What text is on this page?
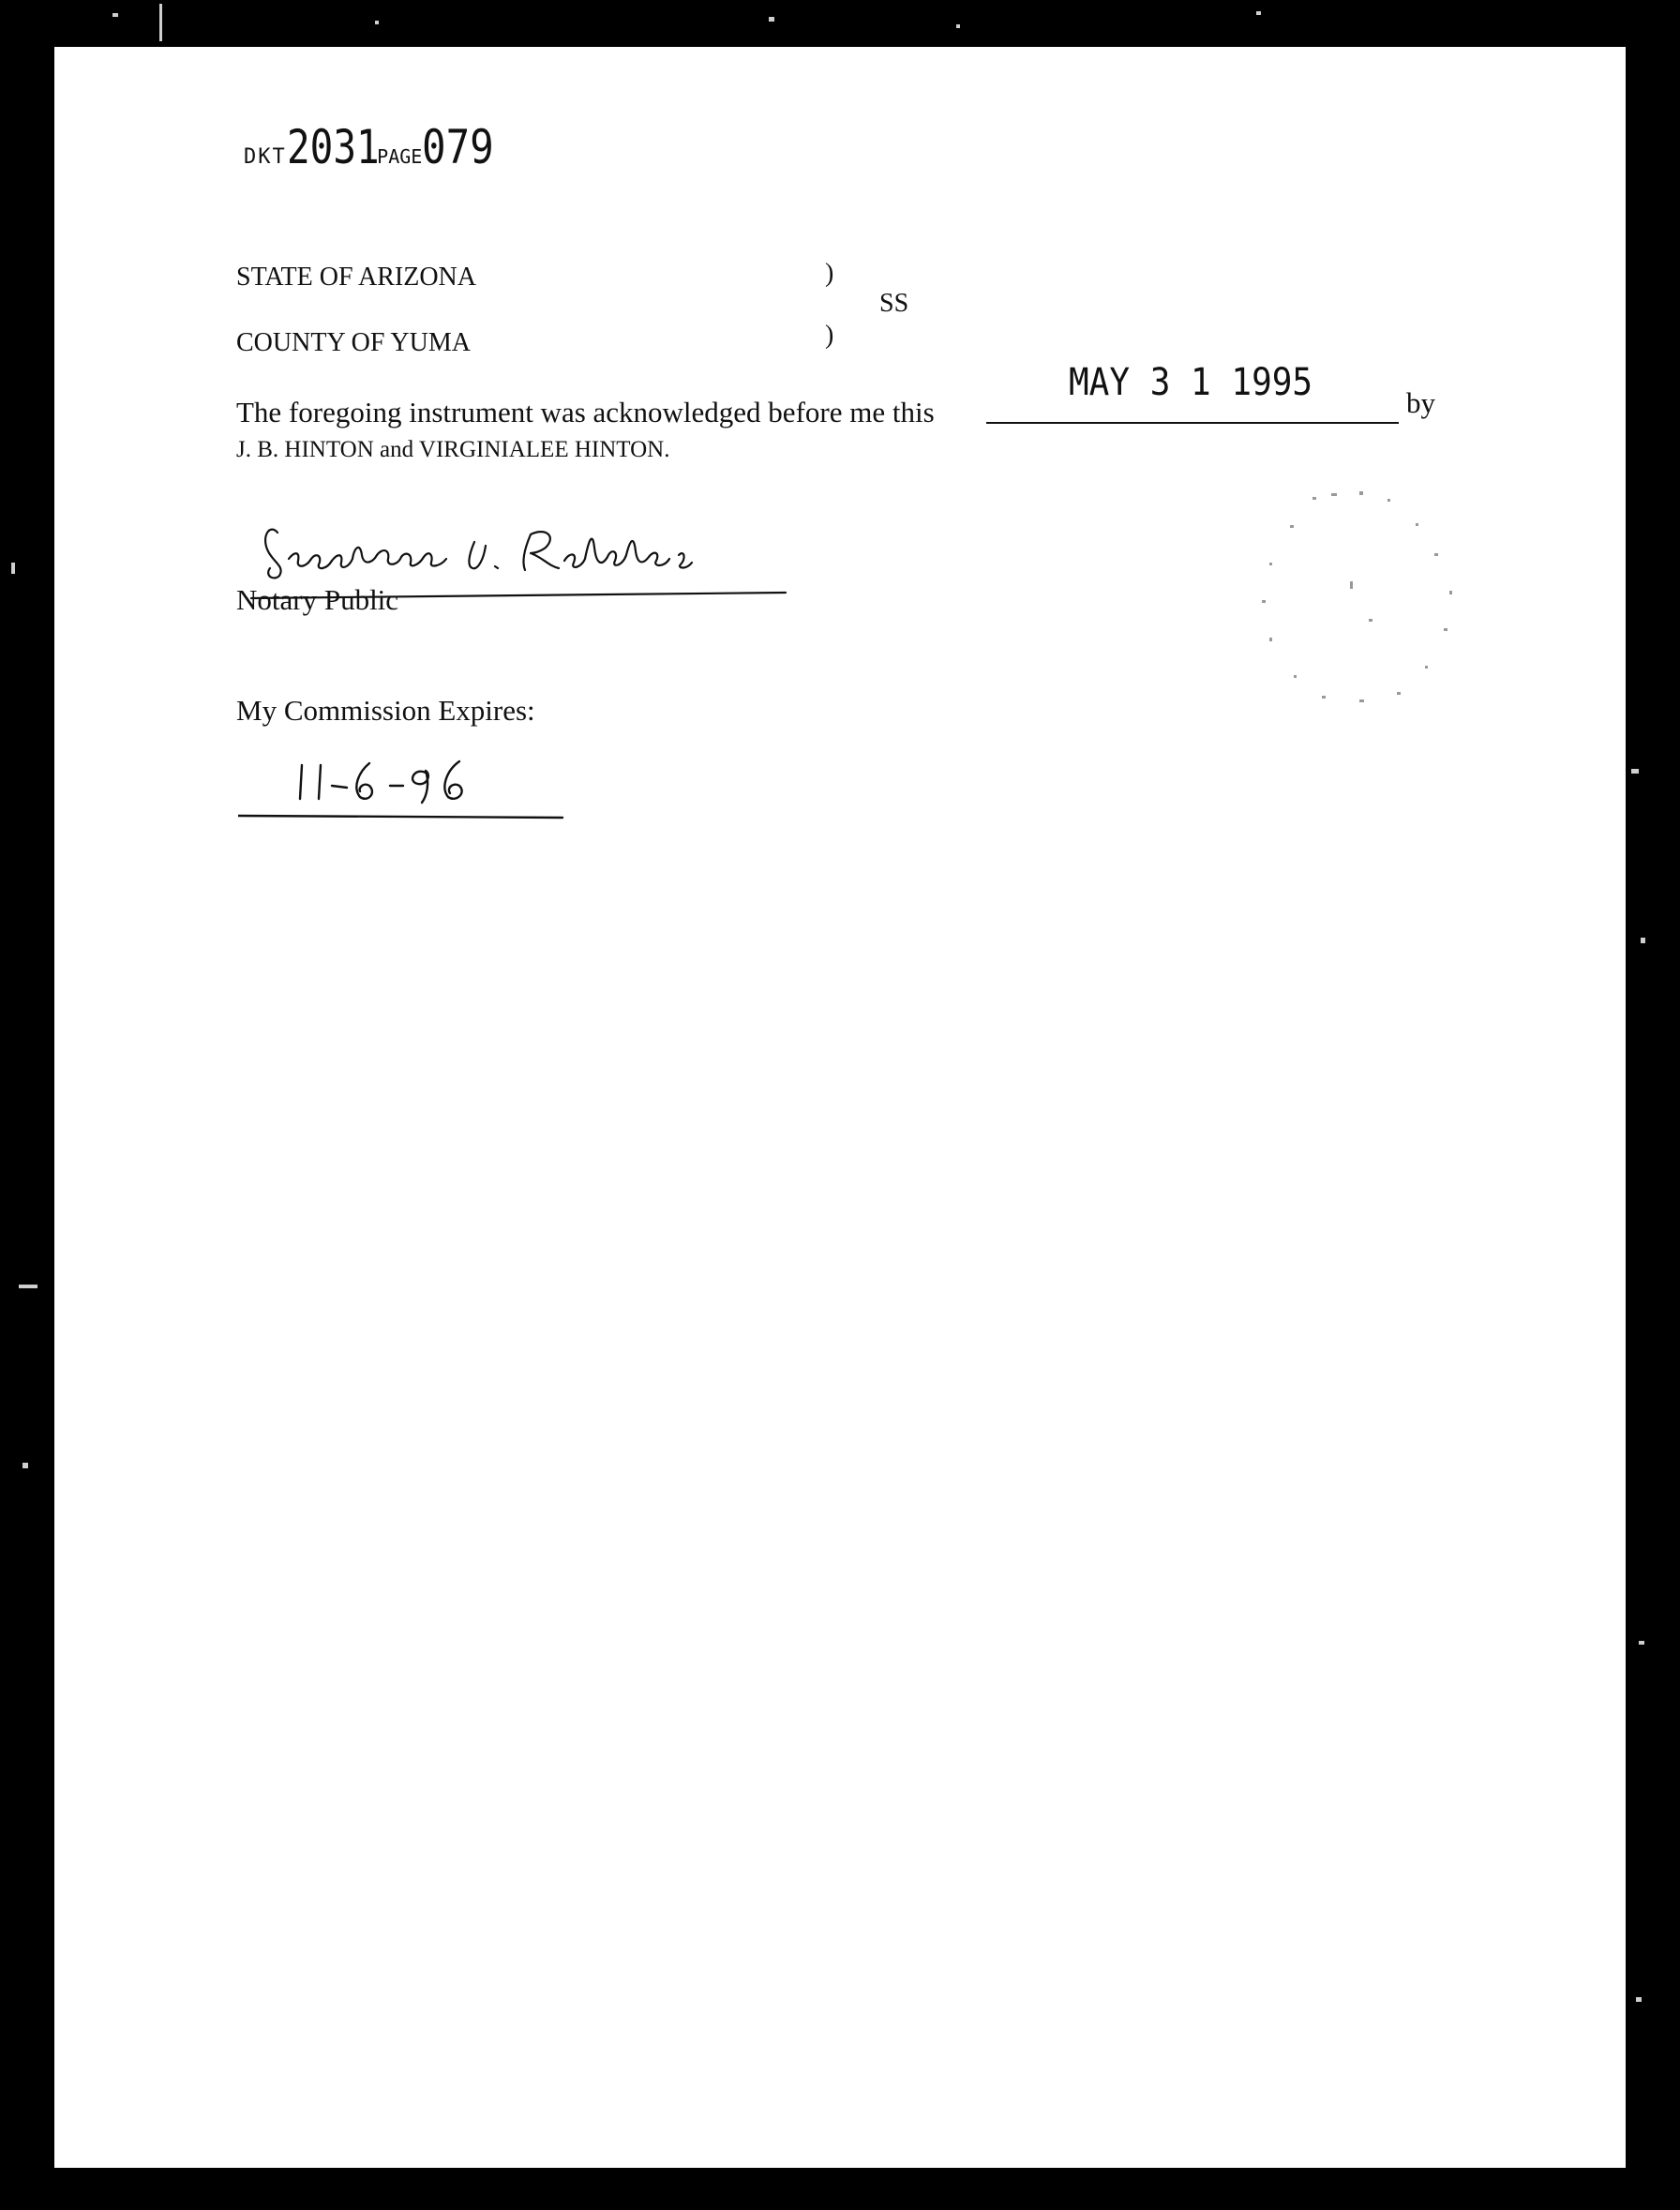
DKT2031PAGE079
STATE OF ARIZONA	)
SS
COUNTY OF YUMA	)
The foregoing instrument was acknowledged before me this
MAY 3 1 1995	by
J. B. HINTON and VIRGINIALEE HINTON.
Notary Public
My Commission Expires:
